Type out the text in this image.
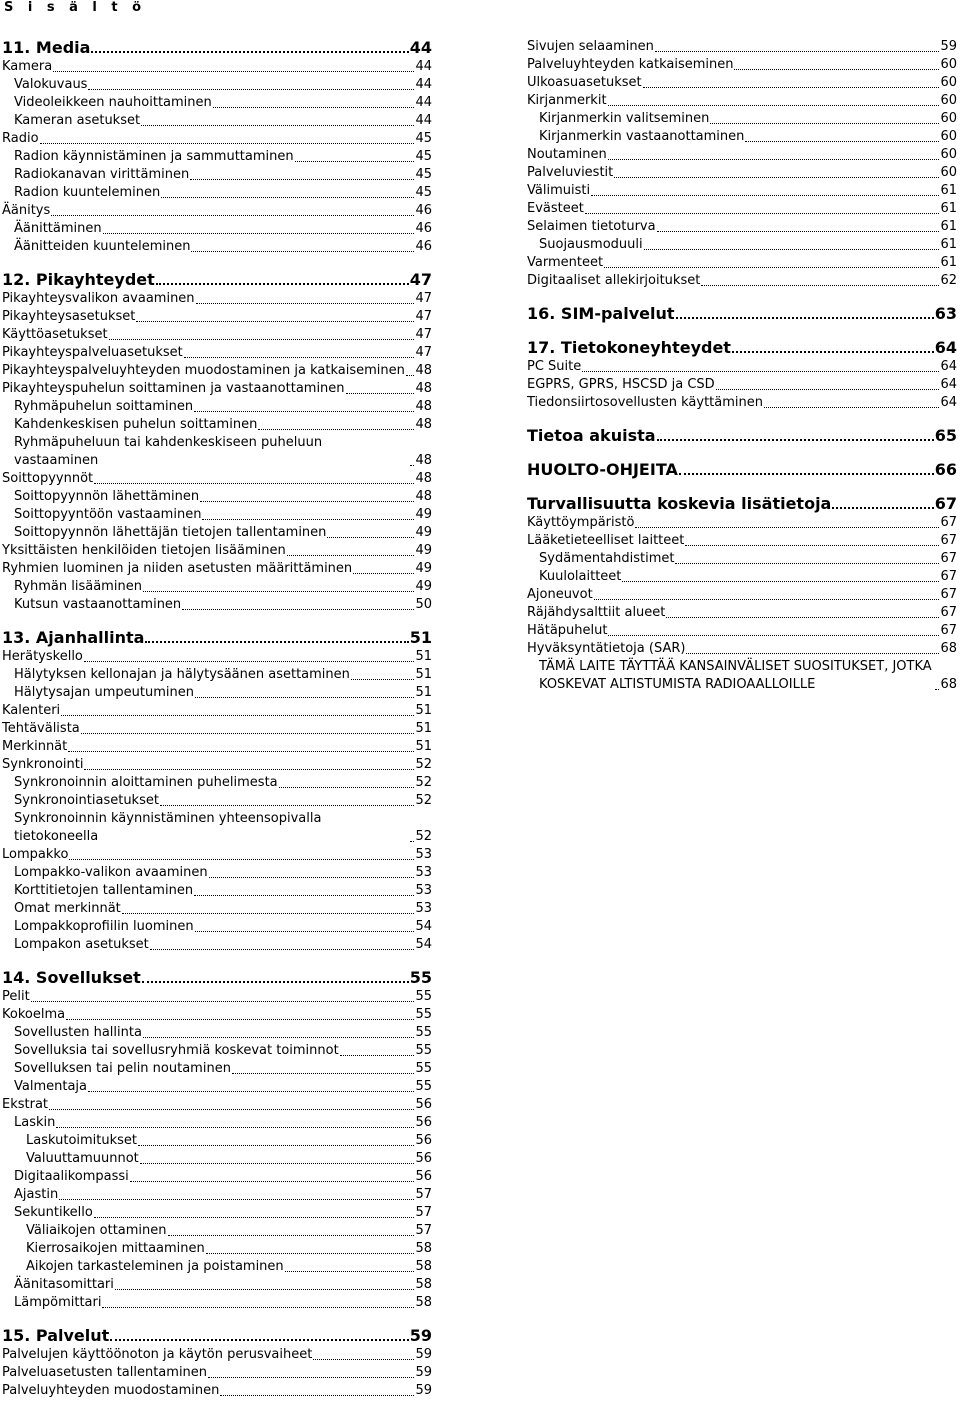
S i s ä l t ö
11. Media	44
Kamera	44
Valokuvaus	44
Videoleikkeen nauhoittaminen	44
Kameran asetukset	44
Radio	45
Radion käynnistäminen ja sammuttaminen	45
Radiokanavan virittäminen	45
Radion kuunteleminen	45
Äänitys	46
Äänittäminen	46
Äänitteiden kuunteleminen	46
12. Pikayhteydet	47
Pikayhteysvalikon avaaminen	47
Pikayhteysasetukset	47
Käyttöasetukset	47
Pikayhteyspalveluasetukset	47
Pikayhteyspalveluyhteyden muodostaminen ja katkaiseminen 48
Pikayhteyspuhelun soittaminen ja vastaanottaminen	48
Ryhmäpuhelun soittaminen	48
Kahdenkeskisen puhelun soittaminen	48
Ryhmäpuheluun tai kahdenkeskiseen puheluun vastaaminen	48
Soittopyynnöt	48
Soittopyynnön lähettäminen	48
Soittopyyntöön vastaaminen	49
Soittopyynnön lähettäjän tietojen tallentaminen	49
Yksittäisten henkilöiden tietojen lisääminen	49
Ryhmien luominen ja niiden asetusten määrittäminen	49
Ryhmän lisääminen	49
Kutsun vastaanottaminen	50
13. Ajanhallinta	51
Herätyskello	51
Hälytyksen kellonajan ja hälytysäänen asettaminen	51
Hälytysajan umpeutuminen	51
Kalenteri	51
Tehtävälista	51
Merkinnät	51
Synkronointi	52
Synkronoinnin aloittaminen puhelimesta	52
Synkronointiasetukset	52
Synkronoinnin käynnistäminen yhteensopivalla tietokoneella	52
Lompakko	53
Lompakko-valikon avaaminen	53
Korttitietojen tallentaminen	53
Omat merkinnät	53
Lompakkoprofiilin luominen	54
Lompakon asetukset	54
14. Sovellukset	55
Pelit	55
Kokoelma	55
Sovellusten hallinta	55
Sovelluksia tai sovellusryhmiä koskevat toiminnot	55
Sovelluksen tai pelin noutaminen	55
Valmentaja	55
Ekstrat	56
Laskin	56
Laskutoimitukset	56
Valuuttamuunnot	56
Digitaalikompassi	56
Ajastin	57
Sekuntikello	57
Väliaikojen ottaminen	57
Kierrosaikojen mittaaminen	58
Aikojen tarkasteleminen ja poistaminen	58
Äänitasomittari	58
Lämpömittari	58
15. Palvelut	59
Palvelujen käyttöönoton ja käytön perusvaiheet	59
Palveluasetusten tallentaminen	59
Palveluyhteyden muodostaminen	59
Sivujen selaaminen	59
Palveluyhteyden katkaiseminen	60
Ulkoasuasetukset	60
Kirjanmerkit	60
Kirjanmerkin valitseminen	60
Kirjanmerkin vastaanottaminen	60
Noutaminen	60
Palveluviestit	60
Välimuisti	61
Evästeet	61
Selaimen tietoturva	61
Suojausmoduuli	61
Varmenteet	61
Digitaaliset allekirjoitukset	62
16. SIM-palvelut	63
17. Tietokoneyhteydet	64
PC Suite	64
EGPRS, GPRS, HSCSD ja CSD	64
Tiedonsiirtosovellusten käyttäminen	64
Tietoa akuista	65
HUOLTO-OHJEITA	66
Turvallisuutta koskevia lisätietoja	67
Käyttöympäristö	67
Lääketieteelliset laitteet	67
Sydämentahdistimet	67
Kuulolaitteet	67
Ajoneuvot	67
Räjähdysalttiit alueet	67
Hätäpuhelut	67
Hyväksyntätietoja (SAR)	68
TÄMÄ LAITE TÄYTTÄÄ KANSAINVÄLISET SUOSITUKSET, JOTKA KOSKEVAT ALTISTUMISTA RADIOAALLOILLE	68
